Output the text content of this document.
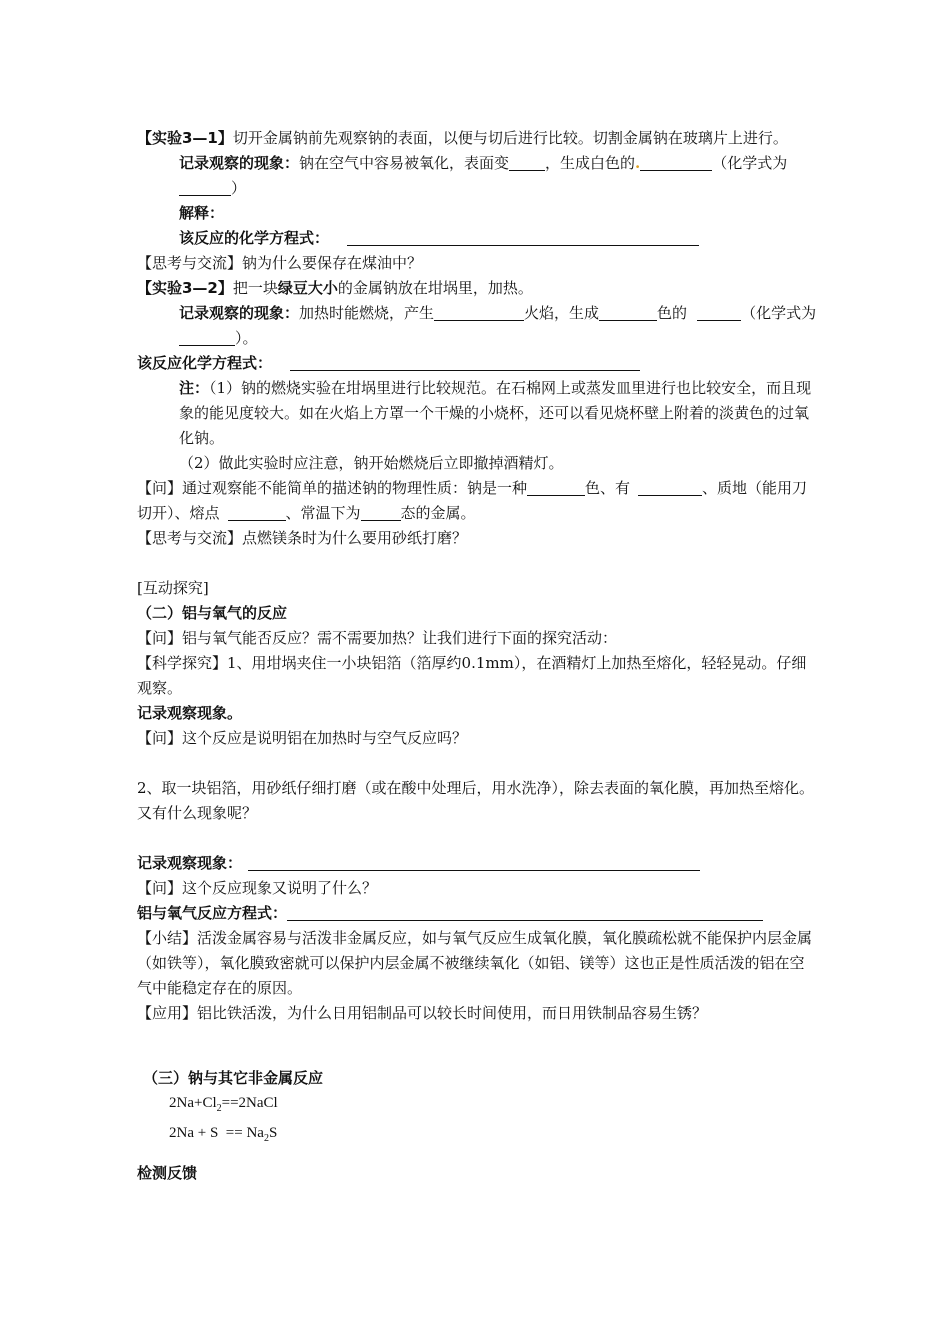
【实验3—1】切开金属钠前先观察钠的表面，以便与切后进行比较。切割金属钠在玻璃片上进行。

记录观察的现象：钠在空气中容易被氧化，表面变 ，生成白色的.	（化学式为）

解释：

该反应的化学方程式：

【思考与交流】钠为什么要保存在煤油中？

【实验3—2】把一块绿豆大小的金属钠放在坩埚里，加热。

记录观察的现象：加热时能燃烧，产生	火焰，生成	色的	（化学式为）。

该反应化学方程式：

注：（1）钠的燃烧实验在坩埚里进行比较规范。在石棉网上或蒸发皿里进行也比较安全，而且现象的能见度较大。如在火焰上方罩一个干燥的小烧杯，还可以看见烧杯壁上附着的淡黄色的过氧化钠。

（2）做此实验时应注意，钠开始燃烧后立即撤掉酒精灯。

【问】通过观察能不能简单的描述钠的物理性质：钠是一种	色、有	、质地（能用刀切开）、熔点	、常温下为	态的金属。

【思考与交流】点燃镁条时为什么要用砂纸打磨？

[互动探究]

（二）铝与氧气的反应

【问】铝与氧气能否反应？需不需要加热？让我们进行下面的探究活动：

【科学探究】1、用坩埚夹住一小块铝箔（箔厚约0.1mm），在酒精灯上加热至熔化，轻轻晃动。仔细观察。

记录观察现象。

【问】这个反应是说明铝在加热时与空气反应吗？

2、取一块铝箔，用砂纸仔细打磨（或在酸中处理后，用水洗净），除去表面的氧化膜，再加热至熔化。又有什么现象呢？

记录观察现象：

【问】这个反应现象又说明了什么？

铝与氧气反应方程式：

【小结】活泼金属容易与活泼非金属反应，如与氧气反应生成氧化膜，氧化膜疏松就不能保护内层金属（如铁等），氧化膜致密就可以保护内层金属不被继续氧化（如铝、镁等）这也正是性质活泼的铝在空气中能稳定存在的原因。

【应用】铝比铁活泼，为什么日用铝制品可以较长时间使用，而日用铁制品容易生锈？

（三）钠与其它非金属反应

$2Na+Cl_2==2NaCl$

$2Na + S == Na_2S$

检测反馈
